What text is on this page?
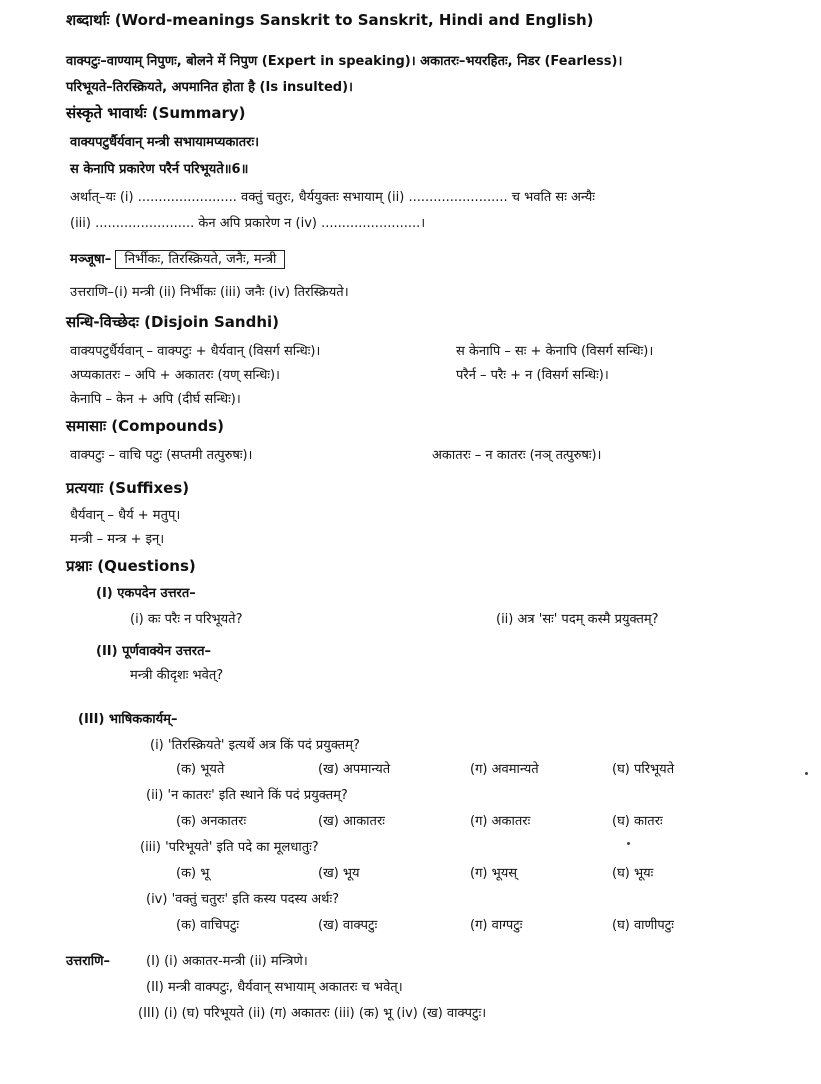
शब्दार्थाः (Word-meanings Sanskrit to Sanskrit, Hindi and English)
वाक्पटुः–वाण्याम् निपुणः, बोलने में निपुण (Expert in speaking)। अकातरः–भयरहितः, निडर (Fearless)।
परिभूयते–तिरस्क्रियते, अपमानित होता है (Is insulted)।
संस्कृते भावार्थः (Summary)
वाक्यपटुर्धैर्यवान् मन्त्री सभायामप्यकातरः।
स केनापि प्रकारेण परैर्न परिभूयते॥6॥
अर्थात्–यः (i) ........................ वक्तुं चतुरः, धैर्ययुक्तः सभायाम् (ii) ........................ च भवति सः अन्यैः
(iii) ........................ केन अपि प्रकारेण न (iv) ........................।
मञ्जूषा– निर्भीकः, तिरस्क्रियते, जनैः, मन्त्री
उत्तराणि–(i) मन्त्री (ii) निर्भीकः (iii) जनैः (iv) तिरस्क्रियते।
सन्धि-विच्छेदः (Disjoin Sandhi)
वाक्यपटुर्धैर्यवान् – वाक्पटुः + धैर्यवान् (विसर्ग सन्धिः)।	स केनापि – सः + केनापि (विसर्ग सन्धिः)।
अप्यकातरः – अपि + अकातरः (यण् सन्धिः)।	परैर्न – परैः + न (विसर्ग सन्धिः)।
केनापि – केन + अपि (दीर्घ सन्धिः)।
समासाः (Compounds)
वाक्पटुः – वाचि पटुः (सप्तमी तत्पुरुषः)।	अकातरः – न कातरः (नञ् तत्पुरुषः)।
प्रत्ययाः (Suffixes)
धैर्यवान् – धैर्य + मतुप्।
मन्त्री – मन्त्र + इन्।
प्रश्नाः (Questions)
(I) एकपदेन उत्तरत–
(i) कः परैः न परिभूयते?	(ii) अत्र 'सः' पदम् कस्मै प्रयुक्तम्?
(II) पूर्णवाक्येन उत्तरत–
मन्त्री कीदृशः भवेत्?
(III) भाषिककार्यम्–
(i) 'तिरस्क्रियते' इत्यर्थे अत्र किं पदं प्रयुक्तम्?
(क) भूयते	(ख) अपमान्यते	(ग) अवमान्यते	(घ) परिभूयते
(ii) 'न कातरः' इति स्थाने किं पदं प्रयुक्तम्?
(क) अनकातरः	(ख) आकातरः	(ग) अकातरः	(घ) कातरः
(iii) 'परिभूयते' इति पदे का मूलधातुः?
(क) भू	(ख) भूय	(ग) भूयस्	(घ) भूयः
(iv) 'वक्तुं चतुरः' इति कस्य पदस्य अर्थः?
(क) वाचिपटुः	(ख) वाक्पटुः	(ग) वाग्पटुः	(घ) वाणीपटुः
उत्तराणि–	(I) (i) अकातर-मन्त्री (ii) मन्त्रिणे।
(II) मन्त्री वाक्पटुः, धैर्यवान् सभायाम् अकातरः च भवेत्।
(III) (i) (घ) परिभूयते (ii) (ग) अकातरः (iii) (क) भू (iv) (ख) वाक्पटुः।
